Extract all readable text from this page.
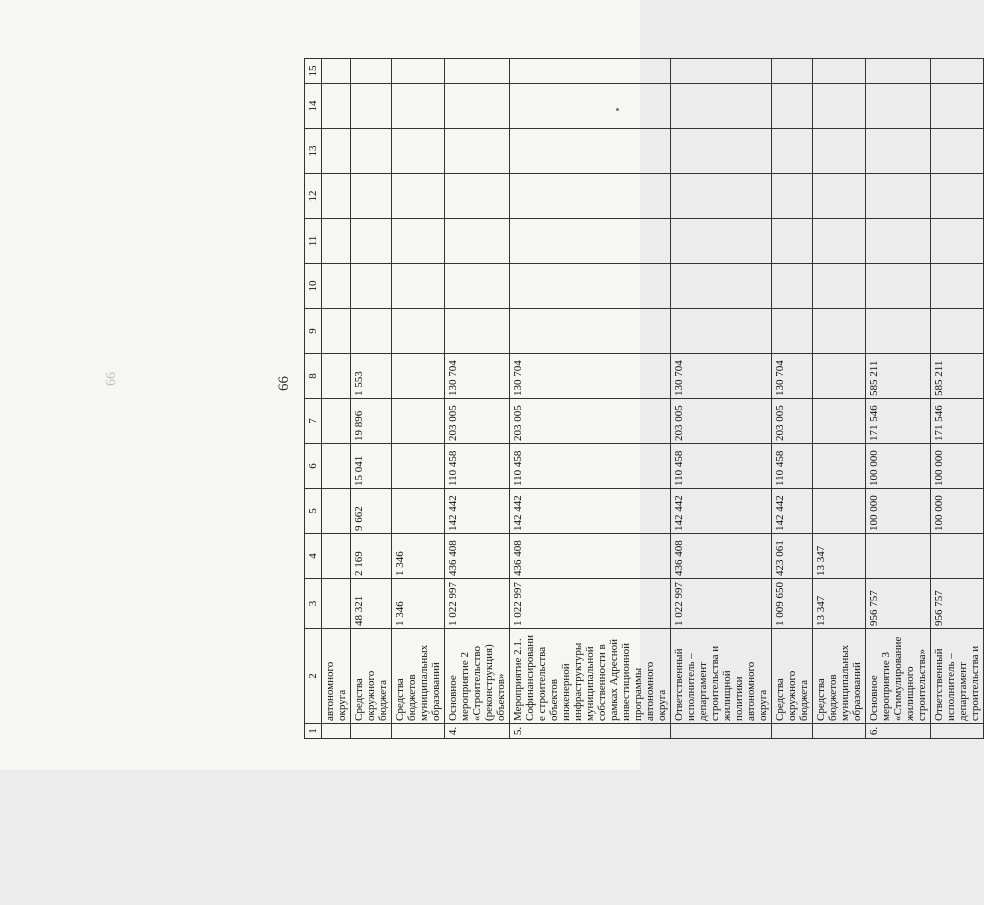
66	66
1	2	3	4	5	6	7	8	9	10	11	12	13	14	15
	автономного округа													
	Средства окружного бюджета	48 321	2 169	9 662	15 041	19 896	1 553							
	Средства бюджетов муниципальных образований	1 346	1 346											
4.	Основное мероприятие 2 «Строительство (реконструкция) объектов»	1 022 997	436 408	142 442	110 458	203 005	130 704							
5.	Мероприятие 2.1. Софинансирование строительства объектов инженерной инфраструктуры муниципальной собственности в рамках Адресной инвестиционной программы автономного округа	1 022 997	436 408	142 442	110 458	203 005	130 704							
	Ответственный исполнитель – департамент строительства и жилищной политики автономного округа	1 022 997	436 408	142 442	110 458	203 005	130 704							
	Средства окружного бюджета	1 009 650	423 061	142 442	110 458	203 005	130 704							
	Средства бюджетов муниципальных образований	13 347	13 347											
6.	Основное мероприятие 3 «Стимулирование жилищного строительства»	956 757		100 000	100 000	171 546	585 211							
	Ответственный исполнитель – департамент строительства и	956 757		100 000	100 000	171 546	585 211							
